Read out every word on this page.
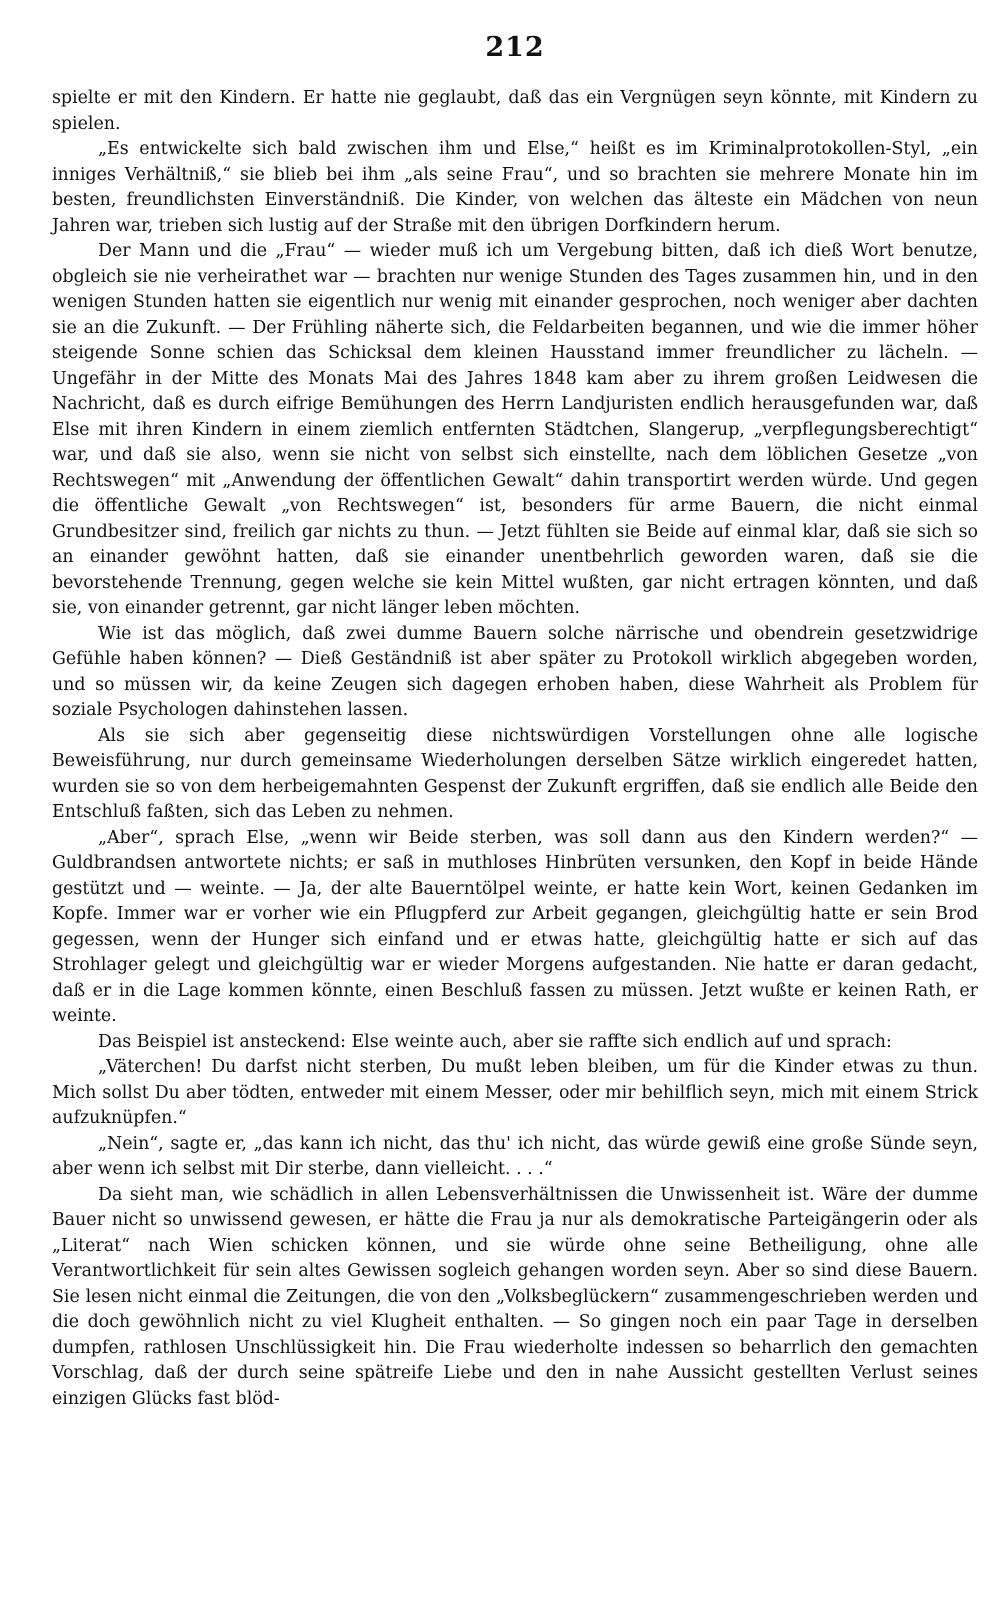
212

spielte er mit den Kindern. Er hatte nie geglaubt, daß das ein Vergnügen seyn könnte, mit Kindern zu spielen.

„Es entwickelte sich bald zwischen ihm und Else,“ heißt es im Kriminalprotokollen-Styl, „ein inniges Verhältniß,“ sie blieb bei ihm „als seine Frau“, und so brachten sie mehrere Monate hin im besten, freundlichsten Einverständniß. Die Kinder, von welchen das älteste ein Mädchen von neun Jahren war, trieben sich lustig auf der Straße mit den übrigen Dorfkindern herum.

Der Mann und die „Frau“ — wieder muß ich um Vergebung bitten, daß ich dieß Wort benutze, obgleich sie nie verheirathet war — brachten nur wenige Stunden des Tages zusammen hin, und in den wenigen Stunden hatten sie eigentlich nur wenig mit einander gesprochen, noch weniger aber dachten sie an die Zukunft. — Der Frühling näherte sich, die Feldarbeiten begannen, und wie die immer höher steigende Sonne schien das Schicksal dem kleinen Hausstand immer freundlicher zu lächeln. — Ungefähr in der Mitte des Monats Mai des Jahres 1848 kam aber zu ihrem großen Leidwesen die Nachricht, daß es durch eifrige Bemühungen des Herrn Landjuristen endlich herausgefunden war, daß Else mit ihren Kindern in einem ziemlich entfernten Städtchen, Slangerup, „verpflegungsberechtigt“ war, und daß sie also, wenn sie nicht von selbst sich einstellte, nach dem löblichen Gesetze „von Rechtswegen“ mit „Anwendung der öffentlichen Gewalt“ dahin transportirt werden würde. Und gegen die öffentliche Gewalt „von Rechtswegen“ ist, besonders für arme Bauern, die nicht einmal Grundbesitzer sind, freilich gar nichts zu thun. — Jetzt fühlten sie Beide auf einmal klar, daß sie sich so an einander gewöhnt hatten, daß sie einander unentbehrlich geworden waren, daß sie die bevorstehende Trennung, gegen welche sie kein Mittel wußten, gar nicht ertragen könnten, und daß sie, von einander getrennt, gar nicht länger leben möchten.

Wie ist das möglich, daß zwei dumme Bauern solche närrische und obendrein gesetzwidrige Gefühle haben können? — Dieß Geständniß ist aber später zu Protokoll wirklich abgegeben worden, und so müssen wir, da keine Zeugen sich dagegen erhoben haben, diese Wahrheit als Problem für soziale Psychologen dahinstehen lassen.

Als sie sich aber gegenseitig diese nichtswürdigen Vorstellungen ohne alle logische Beweisführung, nur durch gemeinsame Wiederholungen derselben Sätze wirklich eingeredet hatten, wurden sie so von dem herbeigemahnten Gespenst der Zukunft ergriffen, daß sie endlich alle Beide den Entschluß faßten, sich das Leben zu nehmen.

„Aber“, sprach Else, „wenn wir Beide sterben, was soll dann aus den Kindern werden?“ — Guldbrandsen antwortete nichts; er saß in muthloses Hinbrüten versunken, den Kopf in beide Hände gestützt und — weinte. — Ja, der alte Bauerntölpel weinte, er hatte kein Wort, keinen Gedanken im Kopfe. Immer war er vorher wie ein Pflugpferd zur Arbeit gegangen, gleichgültig hatte er sein Brod gegessen, wenn der Hunger sich einfand und er etwas hatte, gleichgültig hatte er sich auf das Strohlager gelegt und gleichgültig war er wieder Morgens aufgestanden. Nie hatte er daran gedacht, daß er in die Lage kommen könnte, einen Beschluß fassen zu müssen. Jetzt wußte er keinen Rath, er weinte.

Das Beispiel ist ansteckend: Else weinte auch, aber sie raffte sich endlich auf und sprach:

„Väterchen! Du darfst nicht sterben, Du mußt leben bleiben, um für die Kinder etwas zu thun. Mich sollst Du aber tödten, entweder mit einem Messer, oder mir behilflich seyn, mich mit einem Strick aufzuknüpfen.“

„Nein“, sagte er, „das kann ich nicht, das thu' ich nicht, das würde gewiß eine große Sünde seyn, aber wenn ich selbst mit Dir sterbe, dann vielleicht. . . .“

Da sieht man, wie schädlich in allen Lebensverhältnissen die Unwissenheit ist. Wäre der dumme Bauer nicht so unwissend gewesen, er hätte die Frau ja nur als demokratische Parteigängerin oder als „Literat“ nach Wien schicken können, und sie würde ohne seine Betheiligung, ohne alle Verantwortlichkeit für sein altes Gewissen sogleich gehangen worden seyn. Aber so sind diese Bauern. Sie lesen nicht einmal die Zeitungen, die von den „Volksbeglückern“ zusammengeschrieben werden und die doch gewöhnlich nicht zu viel Klugheit enthalten. — So gingen noch ein paar Tage in derselben dumpfen, rathlosen Unschlüssigkeit hin. Die Frau wiederholte indessen so beharrlich den gemachten Vorschlag, daß der durch seine spätreife Liebe und den in nahe Aussicht gestellten Verlust seines einzigen Glücks fast blöd-
